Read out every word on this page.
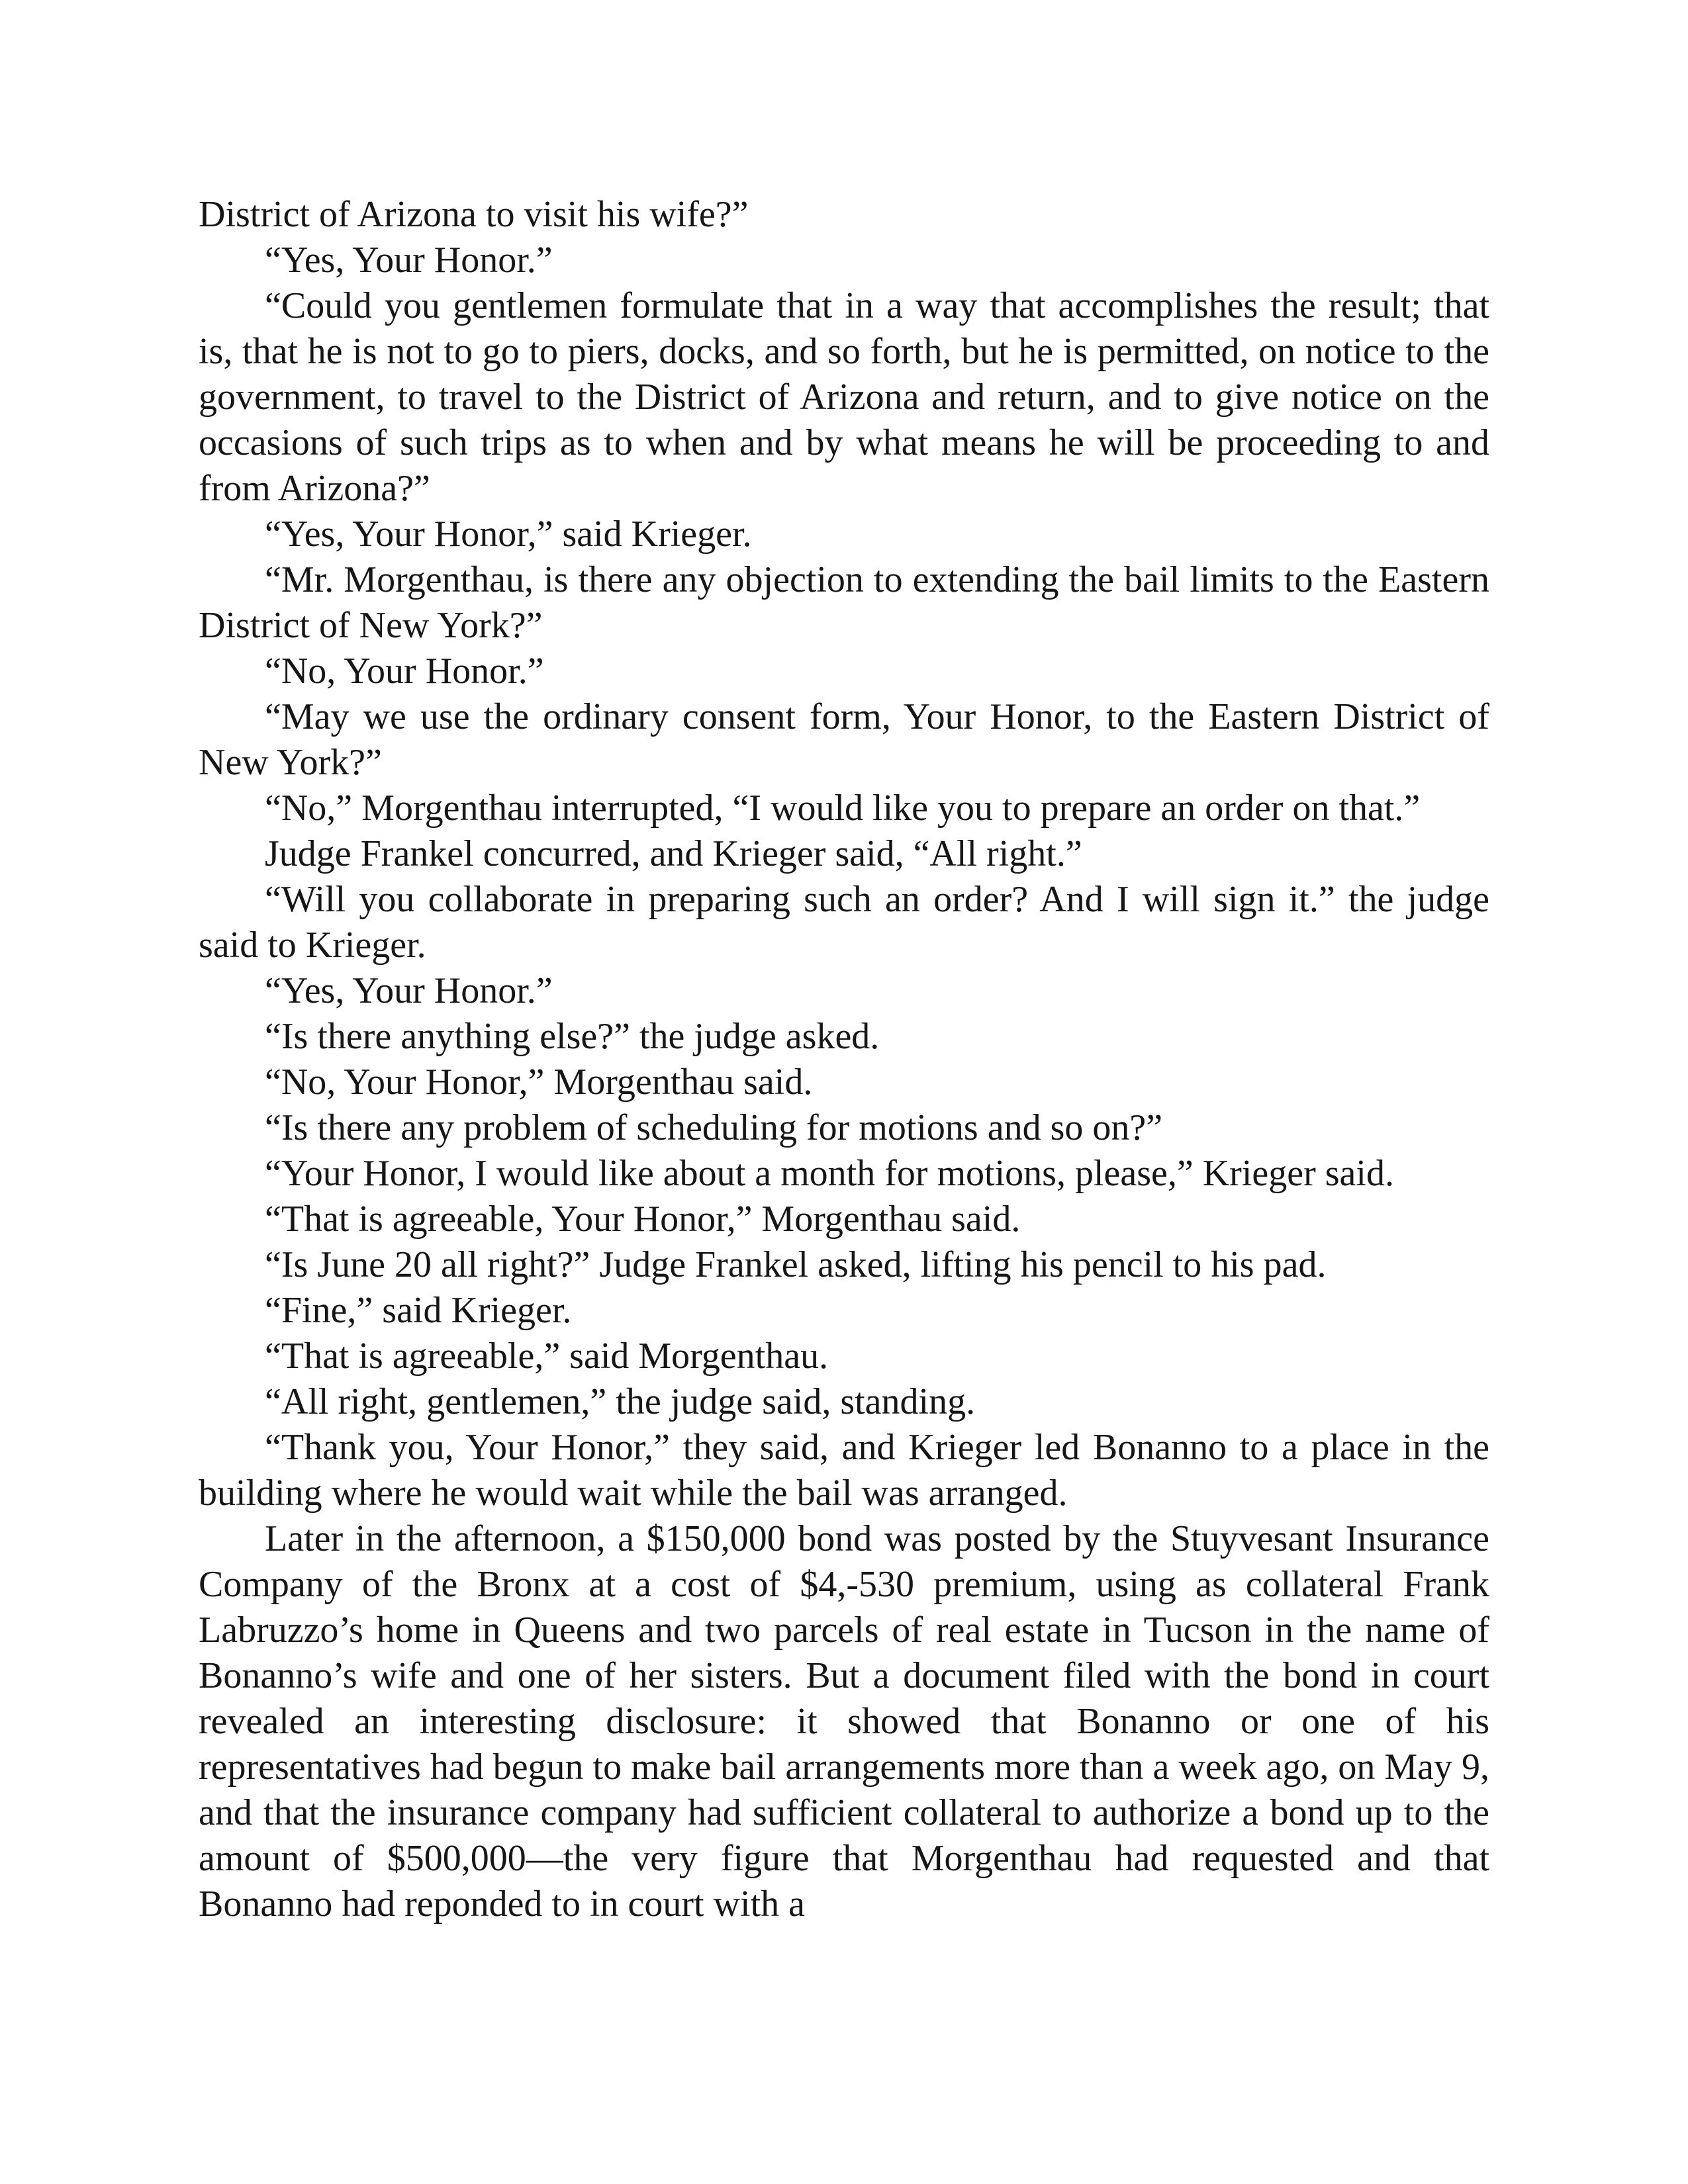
District of Arizona to visit his wife?”

“Yes, Your Honor.”

“Could you gentlemen formulate that in a way that accomplishes the result; that is, that he is not to go to piers, docks, and so forth, but he is permitted, on notice to the government, to travel to the District of Arizona and return, and to give notice on the occasions of such trips as to when and by what means he will be proceeding to and from Arizona?”

“Yes, Your Honor,” said Krieger.

“Mr. Morgenthau, is there any objection to extending the bail limits to the Eastern District of New York?”

“No, Your Honor.”

“May we use the ordinary consent form, Your Honor, to the Eastern District of New York?”

“No,” Morgenthau interrupted, “I would like you to prepare an order on that.”

Judge Frankel concurred, and Krieger said, “All right.”

“Will you collaborate in preparing such an order? And I will sign it.” the judge said to Krieger.

“Yes, Your Honor.”

“Is there anything else?” the judge asked.

“No, Your Honor,” Morgenthau said.

“Is there any problem of scheduling for motions and so on?”

“Your Honor, I would like about a month for motions, please,” Krieger said.

“That is agreeable, Your Honor,” Morgenthau said.

“Is June 20 all right?” Judge Frankel asked, lifting his pencil to his pad.

“Fine,” said Krieger.

“That is agreeable,” said Morgenthau.

“All right, gentlemen,” the judge said, standing.

“Thank you, Your Honor,” they said, and Krieger led Bonanno to a place in the building where he would wait while the bail was arranged.

Later in the afternoon, a $150,000 bond was posted by the Stuyvesant Insurance Company of the Bronx at a cost of $4,-530 premium, using as collateral Frank Labruzzo’s home in Queens and two parcels of real estate in Tucson in the name of Bonanno’s wife and one of her sisters. But a document filed with the bond in court revealed an interesting disclosure: it showed that Bonanno or one of his representatives had begun to make bail arrangements more than a week ago, on May 9, and that the insurance company had sufficient collateral to authorize a bond up to the amount of $500,000—the very figure that Morgenthau had requested and that Bonanno had reponded to in court with a
